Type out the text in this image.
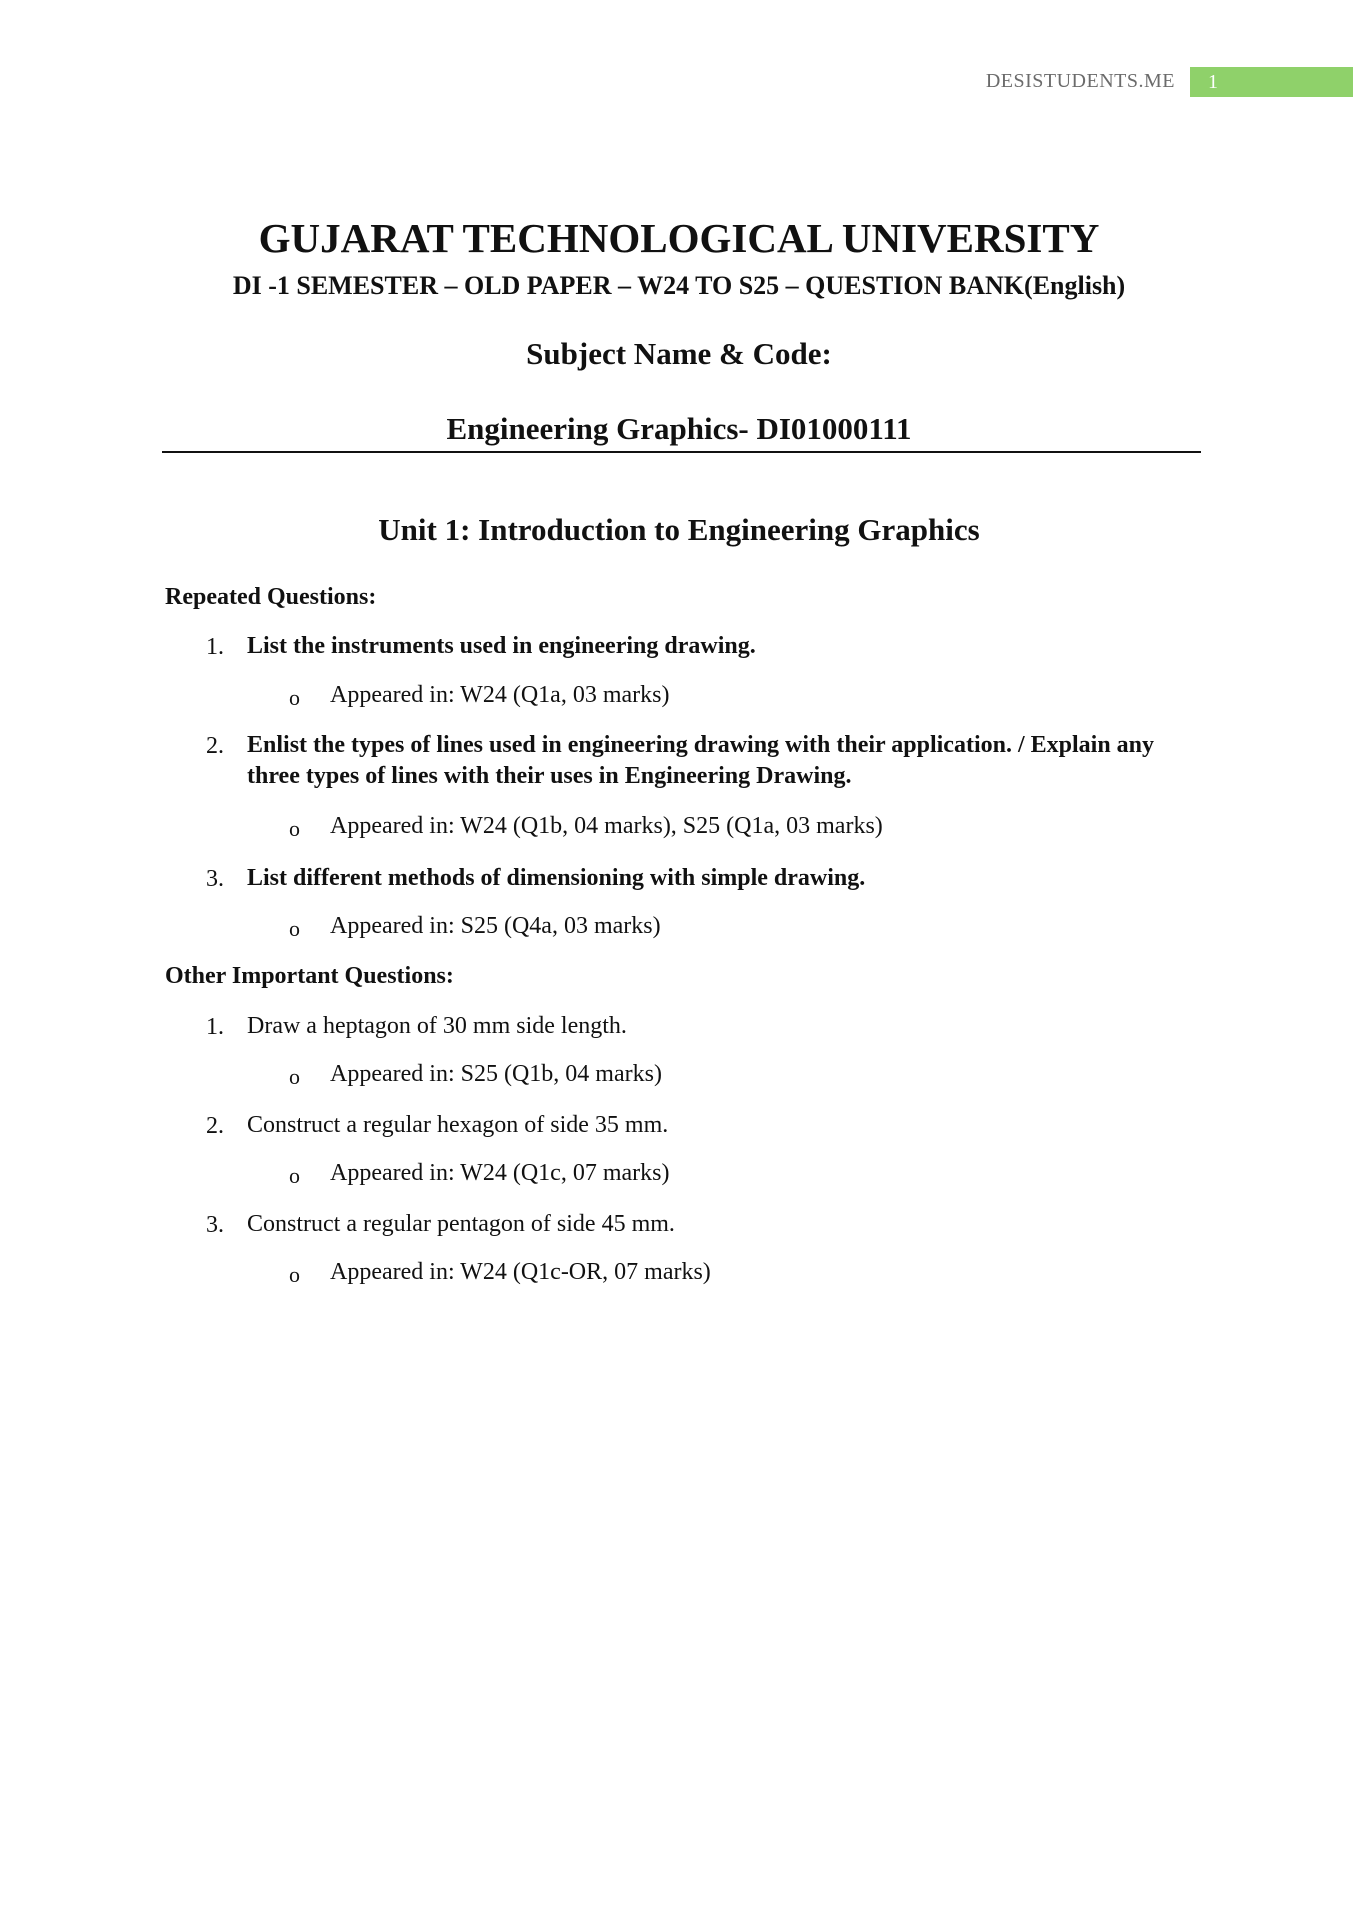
DESISTUDENTS.ME	1
GUJARAT TECHNOLOGICAL UNIVERSITY
DI -1 SEMESTER – OLD PAPER – W24 TO S25 – QUESTION BANK(English)
Subject Name & Code:
Engineering Graphics- DI01000111
Unit 1: Introduction to Engineering Graphics
Repeated Questions:
1. List the instruments used in engineering drawing.
o Appeared in: W24 (Q1a, 03 marks)
2. Enlist the types of lines used in engineering drawing with their application. / Explain any three types of lines with their uses in Engineering Drawing.
o Appeared in: W24 (Q1b, 04 marks), S25 (Q1a, 03 marks)
3. List different methods of dimensioning with simple drawing.
o Appeared in: S25 (Q4a, 03 marks)
Other Important Questions:
1. Draw a heptagon of 30 mm side length.
o Appeared in: S25 (Q1b, 04 marks)
2. Construct a regular hexagon of side 35 mm.
o Appeared in: W24 (Q1c, 07 marks)
3. Construct a regular pentagon of side 45 mm.
o Appeared in: W24 (Q1c-OR, 07 marks)
